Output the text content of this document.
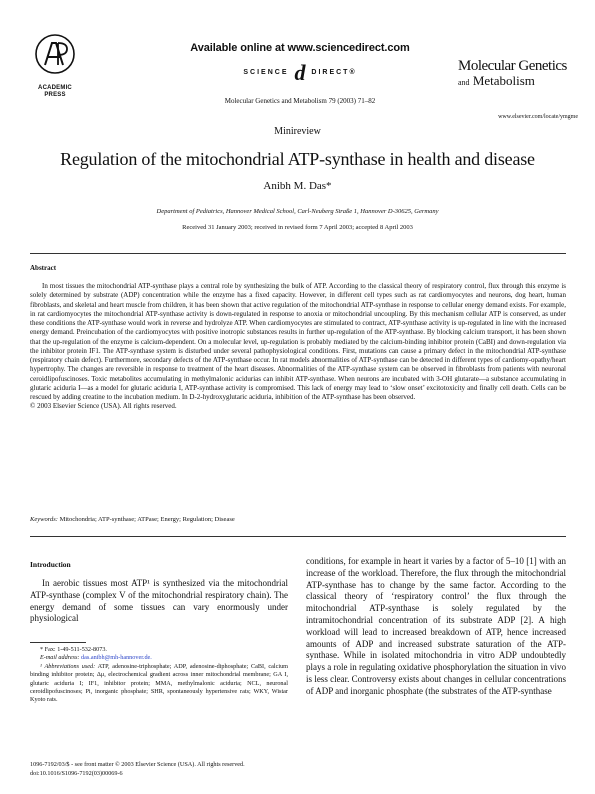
ACADEMIC
PRESS
Available online at www.sciencedirect.com
SCIENCE d DIRECT®
Molecular Genetics and Metabolism 79 (2003) 71–82
Molecular Genetics
and Metabolism
www.elsevier.com/locate/ymgme
Minireview
Regulation of the mitochondrial ATP-synthase in health and disease
Anibh M. Das*
Department of Pediatrics, Hannover Medical School, Carl-Neuberg Straße 1, Hannover D-30625, Germany
Received 31 January 2003; received in revised form 7 April 2003; accepted 8 April 2003
Abstract

In most tissues the mitochondrial ATP-synthase plays a central role by synthesizing the bulk of ATP. According to the classical theory of respiratory control, flux through this enzyme is solely determined by substrate (ADP) concentration while the enzyme has a fixed capacity. However, in different cell types such as rat cardiomyocytes and neurons, dog heart, human fibroblasts, and skeletal and heart muscle from children, it has been shown that active regulation of the mitochondrial ATP-synthase in response to cellular energy demand exists. For example, in rat cardiomyocytes the mitochondrial ATP-synthase activity is down-regulated in response to anoxia or mitochondrial uncoupling. By this mechanism cellular ATP is conserved, as under these conditions the ATP-synthase would work in reverse and hydrolyze ATP. When cardiomyocytes are stimulated to contract, ATP-synthase activity is up-regulated in line with the increased energy demand. Preincubation of the cardiomyocytes with positive inotropic substances results in further up-regulation of the ATP-synthase. By blocking calcium transport, it has been shown that the up-regulation of the enzyme is calcium-dependent. On a molecular level, up-regulation is probably mediated by the calcium-binding inhibitor protein (CaBI) and down-regulation via the inhibitor protein IF1. The ATP-synthase system is disturbed under several pathophysiological conditions. First, mutations can cause a primary defect in the mitochondrial ATP-synthase (respiratory chain defect). Furthermore, secondary defects of the ATP-synthase occur. In rat models abnormalities of ATP-synthase can be detected in different types of cardiomy-opathy/heart hypertrophy. The changes are reversible in response to treatment of the heart diseases. Abnormalities of the ATP-synthase system can be observed in fibroblasts from patients with neuronal ceroidlipofuscinoses. Toxic metabolites accumulating in methylmalonic acidurias can inhibit ATP-synthase. When neurons are incubated with 3-OH glutarate—a substance accumulating in glutaric aciduria I—as a model for glutaric aciduria I, ATP-synthase activity is compromised. This lack of energy may lead to ‘slow onset’ excitotoxicity and finally cell death. Cells can be rescued by adding creatine to the incubation medium. In D-2-hydroxyglutaric aciduria, inhibition of the ATP-synthase has been observed.

© 2003 Elsevier Science (USA). All rights reserved.

Keywords: Mitochondria; ATP-synthase; ATPase; Energy; Regulation; Disease
Introduction

In aerobic tissues most ATP¹ is synthesized via the mitochondrial ATP-synthase (complex V of the mitochondrial respiratory chain). The energy demand of some tissues can vary enormously under physiological

* Fax: 1-49-511-532-8073.

E-mail address: das.anibh@mh-hannover.de.

¹ Abbreviations used: ATP, adenosine-triphosphate; ADP, adenosine-diphosphate; CaBI, calcium binding inhibitor protein; Δμ, electrochemical gradient across inner mitochondrial membrane; GA I, glutaric aciduria I; IF1, inhibitor protein; MMA, methylmalonic aciduria; NCL, neuronal ceroidlipofuscinoses; Pi, inorganic phosphate; SHR, spontaneously hypertensive rats; WKY, Wistar Kyoto rats.

conditions, for example in heart it varies by a factor of 5–10 [1] with an increase of the workload. Therefore, the flux through the mitochondrial ATP-synthase has to change by the same factor. According to the classical theory of ‘respiratory control’ the flux through the mitochondrial ATP-synthase is solely regulated by the intramitochondrial concentration of its substrate ADP [2]. A high workload will lead to increased breakdown of ATP, hence increased amounts of ADP and increased substrate saturation of the ATP-synthase. While in isolated mitochondria in vitro ADP undoubtedly plays a role in regulating oxidative phosphorylation the situation in vivo is less clear. Controversy exists about changes in cellular concentrations of ADP and inorganic phosphate (the substrates of the ATP-synthase

1096-7192/03/$ - see front matter © 2003 Elsevier Science (USA). All rights reserved.
doi:10.1016/S1096-7192(03)00069-6
